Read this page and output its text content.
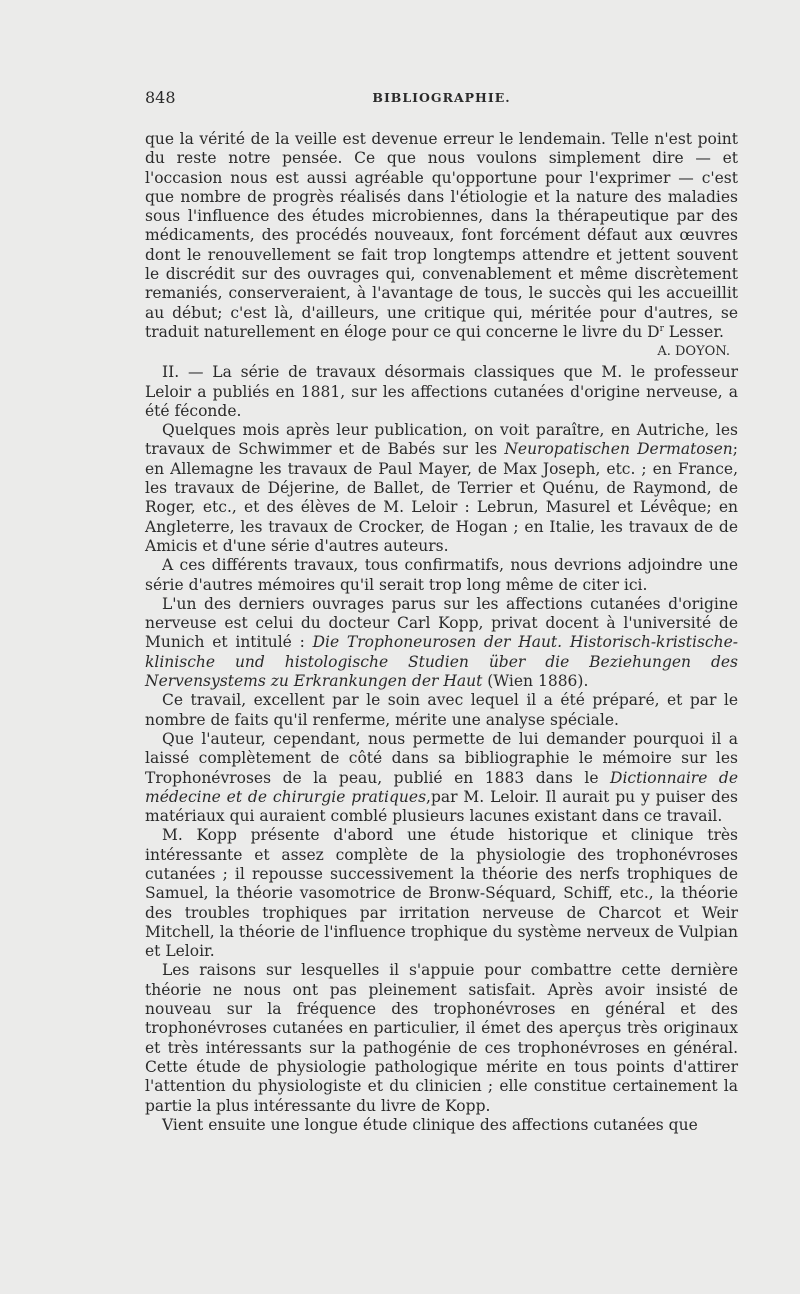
848	BIBLIOGRAPHIE.

que la vérité de la veille est devenue erreur le lendemain. Telle n'est point du reste notre pensée. Ce que nous voulons simplement dire — et l'occasion nous est aussi agréable qu'opportune pour l'exprimer — c'est que nombre de progrès réalisés dans l'étiologie et la nature des maladies sous l'influence des études microbiennes, dans la thérapeutique par des médicaments, des procédés nouveaux, font forcément défaut aux œuvres dont le renouvellement se fait trop longtemps attendre et jettent souvent le discrédit sur des ouvrages qui, convenablement et même discrètement remaniés, conserveraient, à l'avantage de tous, le succès qui les accueillit au début; c'est là, d'ailleurs, une critique qui, méritée pour d'autres, se traduit naturellement en éloge pour ce qui concerne le livre du $D^r$ Lesser.
A. DOYON.

II. — La série de travaux désormais classiques que M. le professeur Leloir a publiés en 1881, sur les affections cutanées d'origine nerveuse, a été féconde.

Quelques mois après leur publication, on voit paraître, en Autriche, les travaux de Schwimmer et de Babés sur les Neuropatischen Dermatosen; en Allemagne les travaux de Paul Mayer, de Max Joseph, etc. ; en France, les travaux de Déjerine, de Ballet, de Terrier et Quénu, de Raymond, de Roger, etc., et des élèves de M. Leloir : Lebrun, Masurel et Lévêque; en Angleterre, les travaux de Crocker, de Hogan ; en Italie, les travaux de de Amicis et d'une série d'autres auteurs.

A ces différents travaux, tous confirmatifs, nous devrions adjoindre une série d'autres mémoires qu'il serait trop long même de citer ici.

L'un des derniers ouvrages parus sur les affections cutanées d'origine nerveuse est celui du docteur Carl Kopp, privat docent à l'université de Munich et intitulé : Die Trophoneurosen der Haut. Historisch-kristische-klinische und histologische Studien über die Beziehungen des Nervensystems zu Erkrankungen der Haut (Wien 1886).

Ce travail, excellent par le soin avec lequel il a été préparé, et par le nombre de faits qu'il renferme, mérite une analyse spéciale.

Que l'auteur, cependant, nous permette de lui demander pourquoi il a laissé complètement de côté dans sa bibliographie le mémoire sur les Trophonévroses de la peau, publié en 1883 dans le Dictionnaire de médecine et de chirurgie pratiques,par M. Leloir. Il aurait pu y puiser des matériaux qui auraient comblé plusieurs lacunes existant dans ce travail.

M. Kopp présente d'abord une étude historique et clinique très intéressante et assez complète de la physiologie des trophonévroses cutanées ; il repousse successivement la théorie des nerfs trophiques de Samuel, la théorie vasomotrice de Bronw-Séquard, Schiff, etc., la théorie des troubles trophiques par irritation nerveuse de Charcot et Weir Mitchell, la théorie de l'influence trophique du système nerveux de Vulpian et Leloir.

Les raisons sur lesquelles il s'appuie pour combattre cette dernière théorie ne nous ont pas pleinement satisfait. Après avoir insisté de nouveau sur la fréquence des trophonévroses en général et des trophonévroses cutanées en particulier, il émet des aperçus très originaux et très intéressants sur la pathogénie de ces trophonévroses en général. Cette étude de physiologie pathologique mérite en tous points d'attirer l'attention du physiologiste et du clinicien ; elle constitue certainement la partie la plus intéressante du livre de Kopp.

Vient ensuite une longue étude clinique des affections cutanées que
